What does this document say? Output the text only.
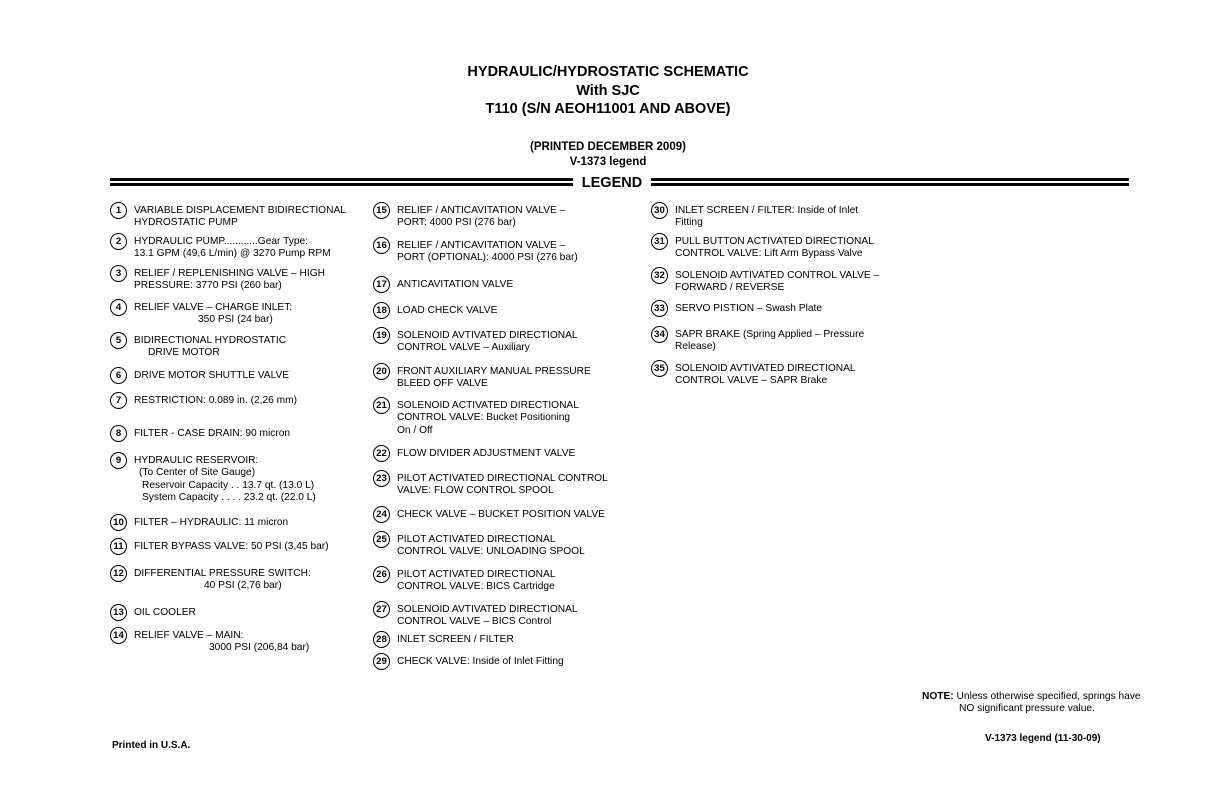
HYDRAULIC/HYDROSTATIC SCHEMATIC
With SJC
T110 (S/N AEOH11001 AND ABOVE)
(PRINTED DECEMBER 2009)
V-1373 legend
LEGEND
1	VARIABLE DISPLACEMENT BIDIRECTIONAL
HYDROSTATIC PUMP
2	HYDRAULIC PUMP............Gear Type:
13.1 GPM (49,6 L/min) @ 3270 Pump RPM
3	RELIEF / REPLENISHING VALVE – HIGH
PRESSURE: 3770 PSI (260 bar)
4	RELIEF VALVE – CHARGE INLET:
350 PSI (24 bar)
5	BIDIRECTIONAL HYDROSTATIC
DRIVE MOTOR
6	DRIVE MOTOR SHUTTLE VALVE
7	RESTRICTION: 0.089 in. (2,26 mm)
8	FILTER - CASE DRAIN: 90 micron
9	HYDRAULIC RESERVOIR:
(To Center of Site Gauge)
Reservoir Capacity . . 13.7 qt. (13.0 L)
System Capacity . . . . 23.2 qt. (22.0 L)
10 FILTER – HYDRAULIC: 11 micron
11	FILTER BYPASS VALVE: 50 PSI (3,45 bar)
12 DIFFERENTIAL PRESSURE SWITCH:
40 PSI (2,76 bar)
13 OIL COOLER
14 RELIEF VALVE – MAIN:
3000 PSI (206,84 bar)
15 RELIEF / ANTICAVITATION VALVE –
PORT: 4000 PSI (276 bar)
16 RELIEF / ANTICAVITATION VALVE –
PORT (OPTIONAL): 4000 PSI (276 bar)
17 ANTICAVITATION VALVE
18 LOAD CHECK VALVE
19 SOLENOID AVTIVATED DIRECTIONAL
CONTROL VALVE – Auxiliary
20 FRONT AUXILIARY MANUAL PRESSURE
BLEED OFF VALVE
21 SOLENOID ACTIVATED DIRECTIONAL
CONTROL VALVE: Bucket Positioning
On / Off
22 FLOW DIVIDER ADJUSTMENT VALVE
23 PILOT ACTIVATED DIRECTIONAL CONTROL
VALVE: FLOW CONTROL SPOOL
24 CHECK VALVE – BUCKET POSITION VALVE
25 PILOT ACTIVATED DIRECTIONAL
CONTROL VALVE: UNLOADING SPOOL
26 PILOT ACTIVATED DIRECTIONAL
CONTROL VALVE: BICS Cartridge
27 SOLENOID AVTIVATED DIRECTIONAL
CONTROL VALVE – BICS Control
28 INLET SCREEN / FILTER
29 CHECK VALVE: Inside of Inlet Fitting
30 INLET SCREEN / FILTER: Inside of Inlet
Fitting
31 PULL BUTTON ACTIVATED DIRECTIONAL
CONTROL VALVE: Lift Arm Bypass Valve
32 SOLENOID AVTIVATED CONTROL VALVE –
FORWARD / REVERSE
33 SERVO PISTION – Swash Plate
34 SAPR BRAKE (Spring Applied – Pressure
Release)
35 SOLENOID AVTIVATED DIRECTIONAL
CONTROL VALVE – SAPR Brake
NOTE: Unless otherwise specified, springs have
NO significant pressure value.
Printed in U.S.A.
V-1373 legend (11-30-09)
